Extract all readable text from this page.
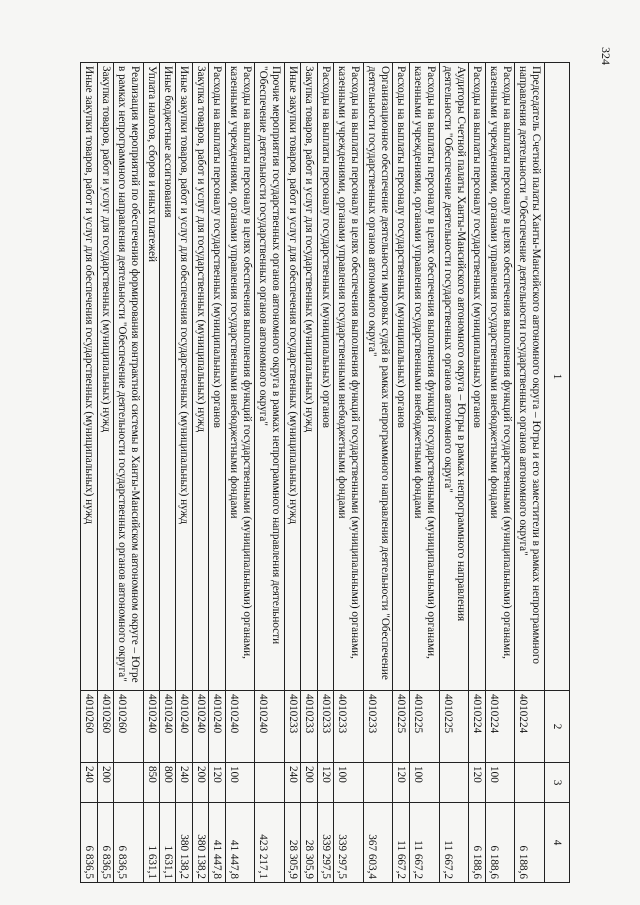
324
1	2	3	4
Председатель Счетной палаты Ханты-Мансийского автономного округа – Югры и его заместители в рамках непрограммного направления деятельности "Обеспечение деятельности государственных органов автономного округа"	4010224		6 188,6
Расходы на выплаты персоналу в целях обеспечения выполнения функций государственными (муниципальными) органами, казенными учреждениями, органами управления государственными внебюджетными фондами	4010224	100	6 188,6
Расходы на выплаты персоналу государственных (муниципальных) органов	4010224	120	6 188,6
Аудиторы Счетной палаты Ханты-Мансийского автономного округа – Югры в рамках непрограммного направления деятельности "Обеспечение деятельности государственных органов автономного округа"	4010225		11 667,2
Расходы на выплаты персоналу в целях обеспечения выполнения функций государственными (муниципальными) органами, казенными учреждениями, органами управления государственными внебюджетными фондами	4010225	100	11 667,2
Расходы на выплаты персоналу государственных (муниципальных) органов	4010225	120	11 667,2
Организационное обеспечение деятельности мировых судей в рамках непрограммного направления деятельности "Обеспечение деятельности государственных органов автономного округа"	4010233		367 603,4
Расходы на выплаты персоналу в целях обеспечения выполнения функций государственными (муниципальными) органами, казенными учреждениями, органами управления государственными внебюджетными фондами	4010233	100	339 297,5
Расходы на выплаты персоналу государственных (муниципальных) органов	4010233	120	339 297,5
Закупка товаров, работ и услуг для государственных (муниципальных) нужд	4010233	200	28 305,9
Иные закупки товаров, работ и услуг для обеспечения государственных (муниципальных) нужд	4010233	240	28 305,9
Прочие мероприятия государственных органов автономного округа в рамках непрограммного направления деятельности "Обеспечение деятельности государственных органов автономного округа"	4010240		423 217,1
Расходы на выплаты персоналу в целях обеспечения выполнения функций государственными (муниципальными) органами, казенными учреждениями, органами управления государственными внебюджетными фондами	4010240	100	41 447,8
Расходы на выплаты персоналу государственных (муниципальных) органов	4010240	120	41 447,8
Закупка товаров, работ и услуг для государственных (муниципальных) нужд	4010240	200	380 138,2
Иные закупки товаров, работ и услуг для обеспечения государственных (муниципальных) нужд	4010240	240	380 138,2
Иные бюджетные ассигнования	4010240	800	1 631,1
Уплата налогов, сборов и иных платежей	4010240	850	1 631,1
Реализация мероприятий по обеспечению формирования контрактной системы в Ханты-Мансийском автономном округе – Югре в рамках непрограммного направления деятельности "Обеспечение деятельности государственных органов автономного округа"	4010260		6 836,5
Закупка товаров, работ и услуг для государственных (муниципальных) нужд	4010260	200	6 836,5
Иные закупки товаров, работ и услуг для обеспечения государственных (муниципальных) нужд	4010260	240	6 836,5
